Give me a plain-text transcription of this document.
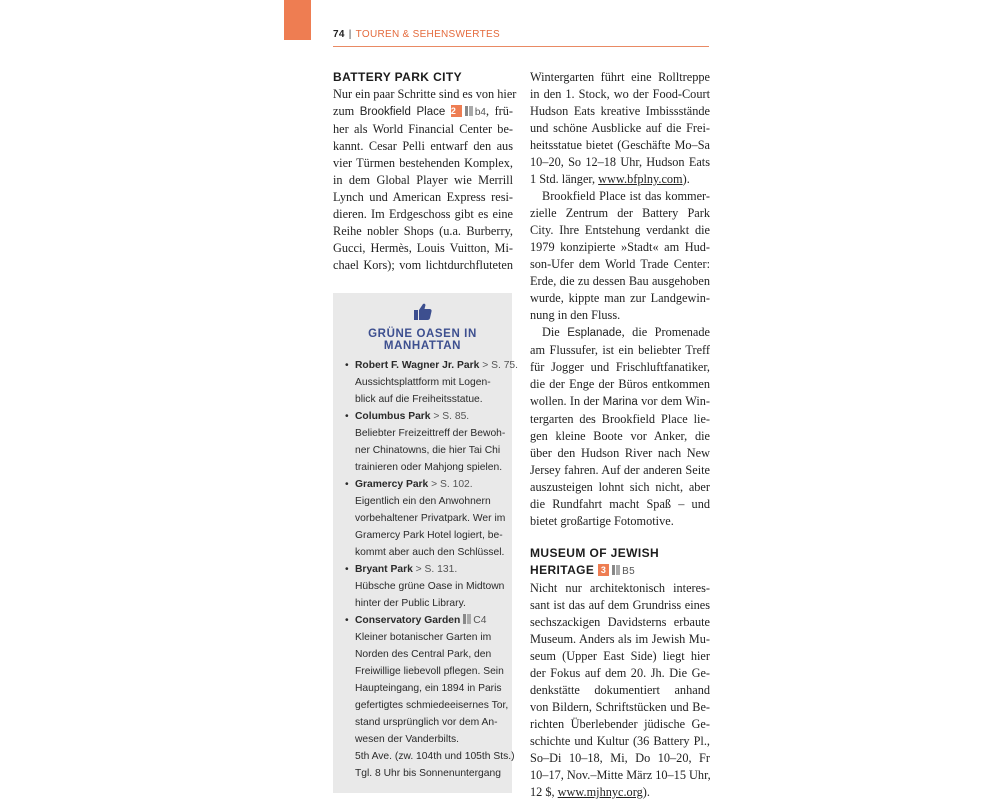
74 | TOUREN & SEHENSWERTES
BATTERY PARK CITY
Nur ein paar Schritte sind es von hier
zum Brookfield Place 2 b4, frü-
her als World Financial Center be-
kannt. Cesar Pelli entwarf den aus
vier Türmen bestehenden Komplex,
in dem Global Player wie Merrill
Lynch und American Express resi-
dieren. Im Erdgeschoss gibt es eine
Reihe nobler Shops (u.a. Burberry,
Gucci, Hermès, Louis Vuitton, Mi-
chael Kors); vom lichtdurchfluteten
GRÜNE OASEN IN MANHATTAN
• Robert F. Wagner Jr. Park > S. 75.
Aussichtsplattform mit Logen-
blick auf die Freiheitsstatue.
• Columbus Park > S. 85.
Beliebter Freizeittreff der Bewoh-
ner Chinatowns, die hier Tai Chi
trainieren oder Mahjong spielen.
• Gramercy Park > S. 102.
Eigentlich ein den Anwohnern
vorbehaltener Privatpark. Wer im
Gramercy Park Hotel logiert, be-
kommt aber auch den Schlüssel.
• Bryant Park > S. 131.
Hübsche grüne Oase in Midtown
hinter der Public Library.
• Conservatory Garden C4
Kleiner botanischer Garten im
Norden des Central Park, den
Freiwillige liebevoll pflegen. Sein
Haupteingang, ein 1894 in Paris
gefertigtes schmiedeeisernes Tor,
stand ursprünglich vor dem An-
wesen der Vanderbilts.
5th Ave. (zw. 104th und 105th Sts.)
Tgl. 8 Uhr bis Sonnenuntergang
Wintergarten führt eine Rolltreppe
in den 1. Stock, wo der Food-Court
Hudson Eats kreative Imbissstände
und schöne Ausblicke auf die Frei-
heitsstatue bietet (Geschäfte Mo–Sa
10–20, So 12–18 Uhr, Hudson Eats
1 Std. länger, www.bfplny.com).
Brookfield Place ist das kommer-
zielle Zentrum der Battery Park
City. Ihre Entstehung verdankt die
1979 konzipierte »Stadt« am Hud-
son-Ufer dem World Trade Center:
Erde, die zu dessen Bau ausgehoben
wurde, kippte man zur Landgewin-
nung in den Fluss.
Die Esplanade, die Promenade
am Flussufer, ist ein beliebter Treff
für Jogger und Frischluftfanatiker,
die der Enge der Büros entkommen
wollen. In der Marina vor dem Win-
tergarten des Brookfield Place lie-
gen kleine Boote vor Anker, die
über den Hudson River nach New
Jersey fahren. Auf der anderen Seite
auszusteigen lohnt sich nicht, aber
die Rundfahrt macht Spaß – und
bietet großartige Fotomotive.
MUSEUM OF JEWISH
HERITAGE 3 B5
Nicht nur architektonisch interes-
sant ist das auf dem Grundriss eines
sechszackigen Davidsterns erbaute
Museum. Anders als im Jewish Mu-
seum (Upper East Side) liegt hier
der Fokus auf dem 20. Jh. Die Ge-
denkstätte dokumentiert anhand
von Bildern, Schriftstücken und Be-
richten Überlebender jüdische Ge-
schichte und Kultur (36 Battery Pl.,
So–Di 10–18, Mi, Do 10–20, Fr
10–17, Nov.–Mitte März 10–15 Uhr,
12 $, www.mjhnyc.org).
